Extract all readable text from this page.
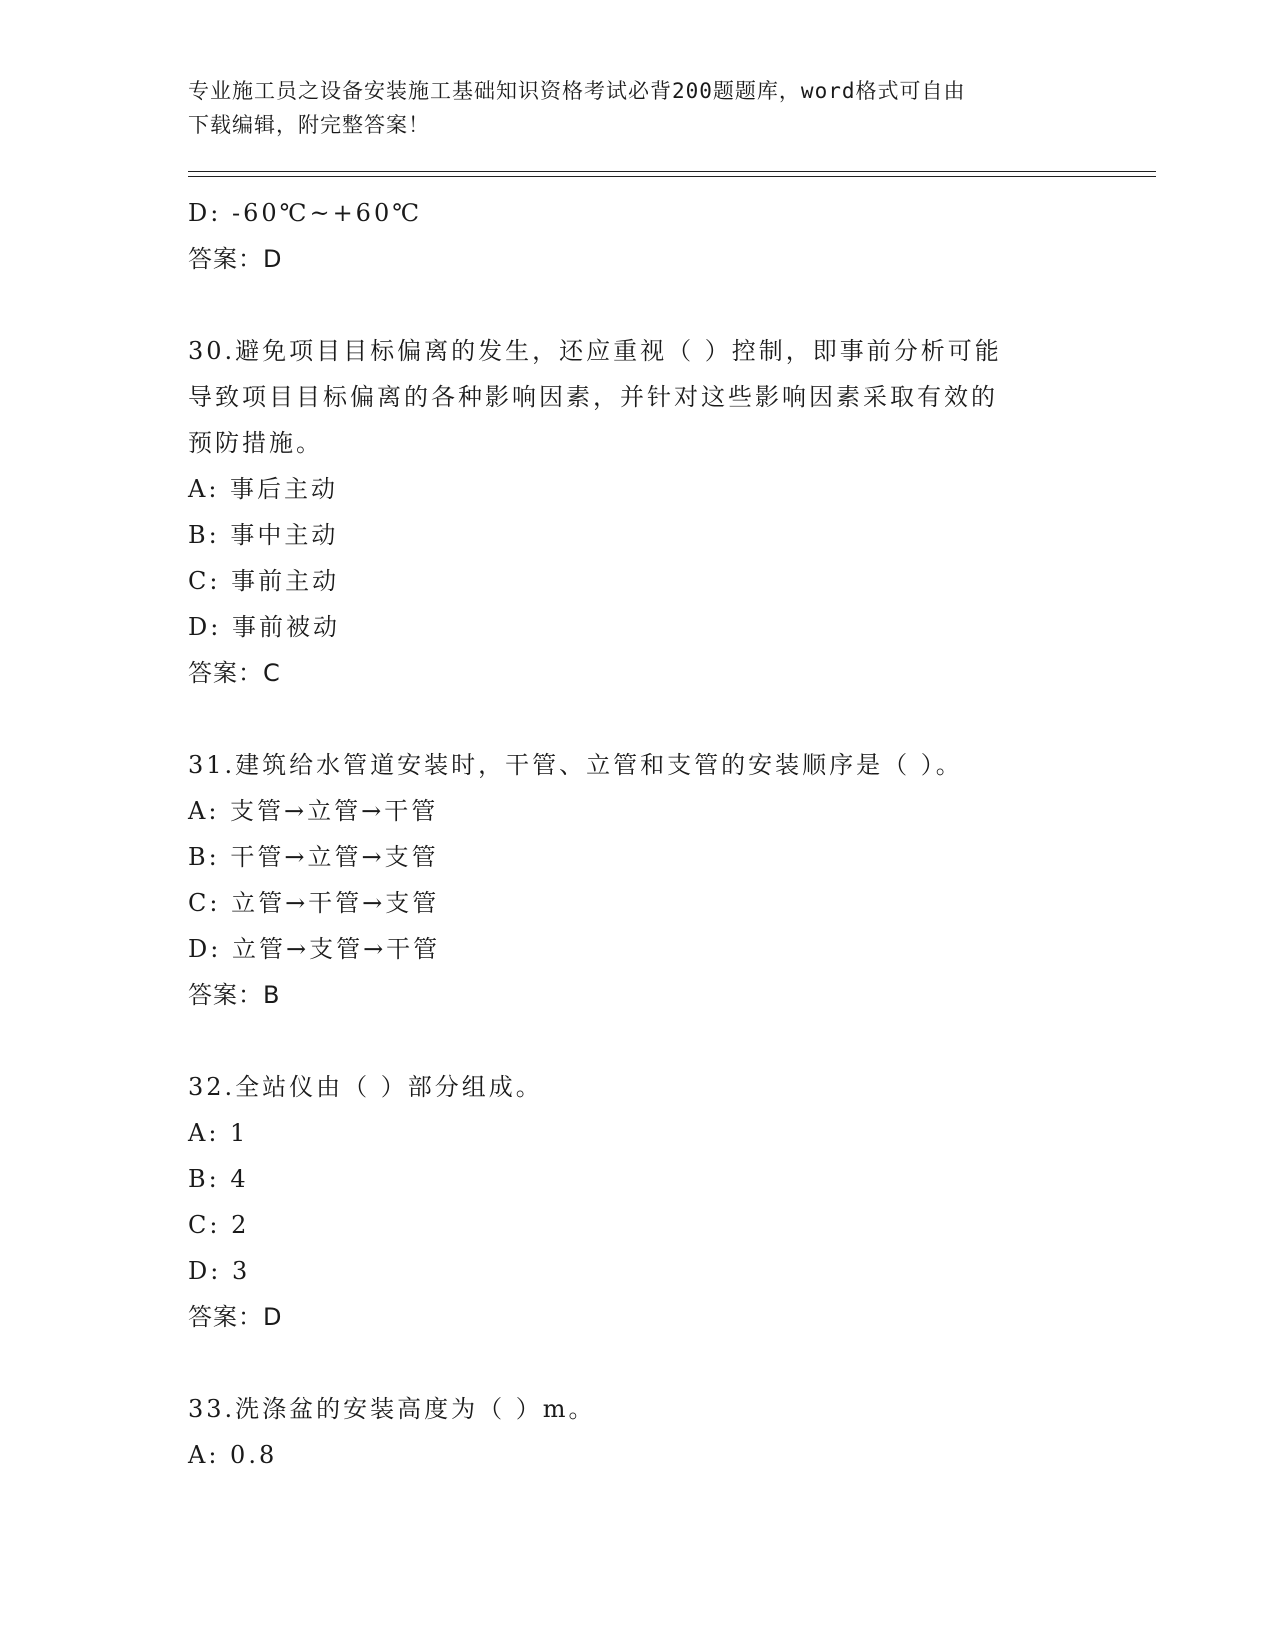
专业施工员之设备安装施工基础知识资格考试必背200题题库，word格式可自由
下载编辑，附完整答案！
D: -60℃~+60℃
答案：D
30.避免项目目标偏离的发生，还应重视（ ）控制，即事前分析可能
导致项目目标偏离的各种影响因素，并针对这些影响因素采取有效的
预防措施。
A: 事后主动
B: 事中主动
C: 事前主动
D: 事前被动
答案：C
31.建筑给水管道安装时，干管、立管和支管的安装顺序是（ ）。
A: 支管→立管→干管
B: 干管→立管→支管
C: 立管→干管→支管
D: 立管→支管→干管
答案：B
32.全站仪由（ ）部分组成。
A: 1
B: 4
C: 2
D: 3
答案：D
33.洗涤盆的安装高度为（ ）m。
A: 0.8
